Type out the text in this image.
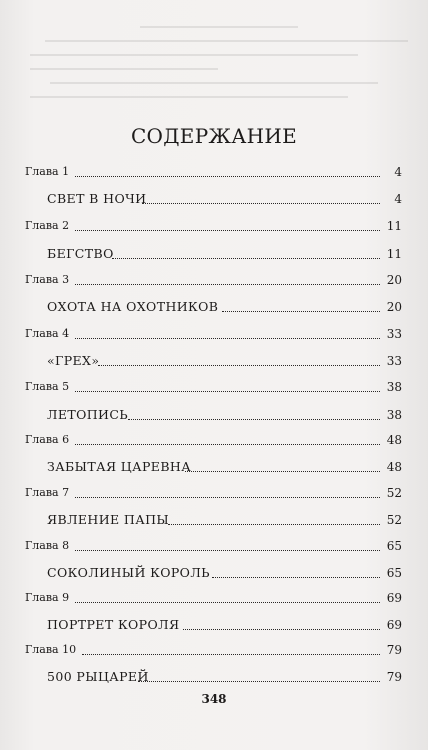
СОДЕРЖАНИЕ
Глава 1	4
СВЕТ В НОЧИ	4
Глава 2	11
БЕГСТВО	11
Глава 3	20
ОХОТА НА ОХОТНИКОВ	20
Глава 4	33
«ГРЕХ»	33
Глава 5	38
ЛЕТОПИСЬ	38
Глава 6	48
ЗАБЫТАЯ ЦАРЕВНА	48
Глава 7	52
ЯВЛЕНИЕ ПАПЫ	52
Глава 8	65
СОКОЛИНЫЙ КОРОЛЬ	65
Глава 9	69
ПОРТРЕТ КОРОЛЯ	69
Глава 10	79
500 РЫЦАРЕЙ	79
348
